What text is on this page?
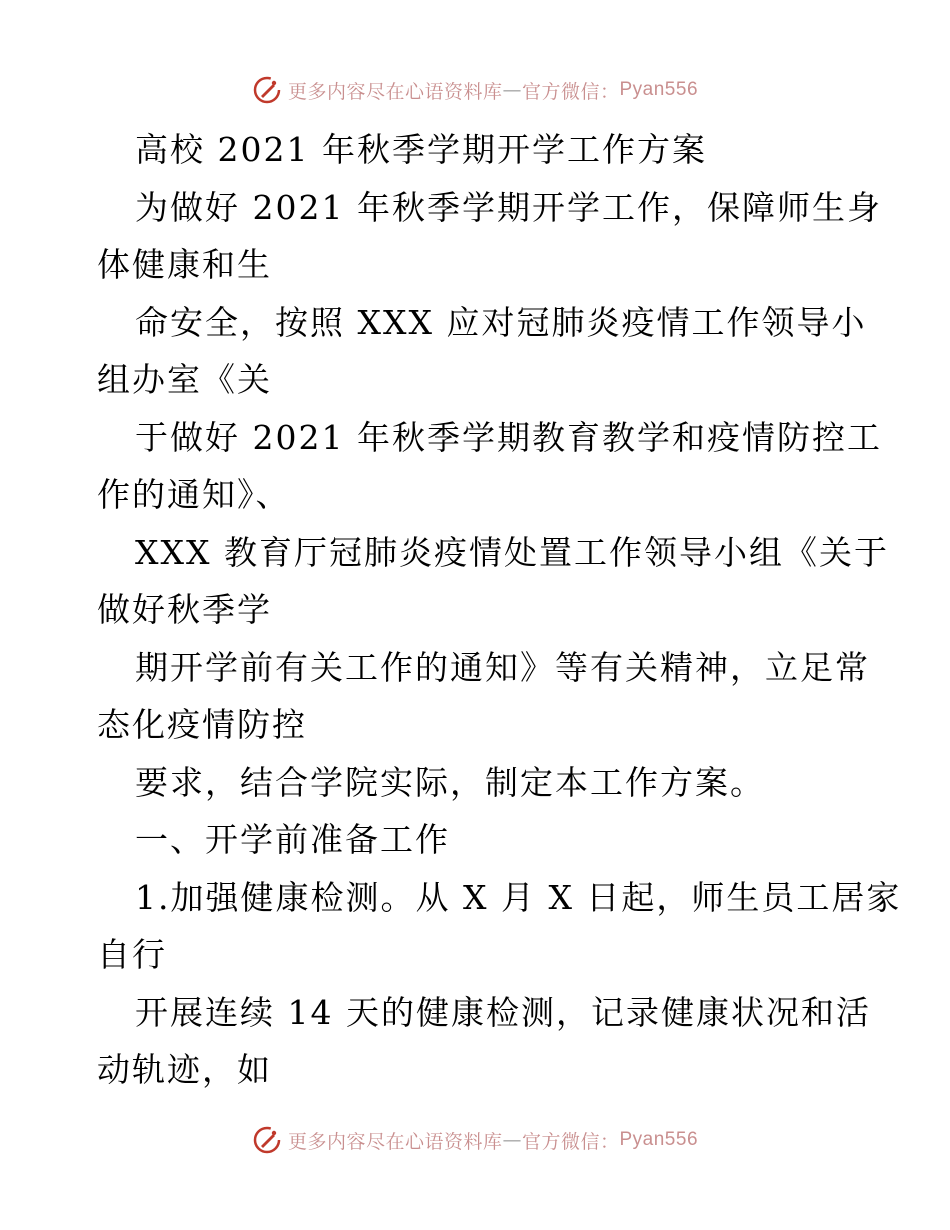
更多内容尽在心语资料库 — 官方微信： Pyan556
高校 2021 年秋季学期开学工作方案
为做好 2021 年秋季学期开学工作，保障师生身
体健康和生
命安全，按照 XXX 应对冠肺炎疫情工作领导小
组办室《关
于做好 2021 年秋季学期教育教学和疫情防控工
作的通知》、
XXX 教育厅冠肺炎疫情处置工作领导小组《关于
做好秋季学
期开学前有关工作的通知》等有关精神，立足常
态化疫情防控
要求，结合学院实际，制定本工作方案。
一、开学前准备工作
1.加强健康检测。从 X 月 X 日起，师生员工居家
自行
开展连续 14 天的健康检测，记录健康状况和活
动轨迹，如
更多内容尽在心语资料库 — 官方微信： Pyan556
